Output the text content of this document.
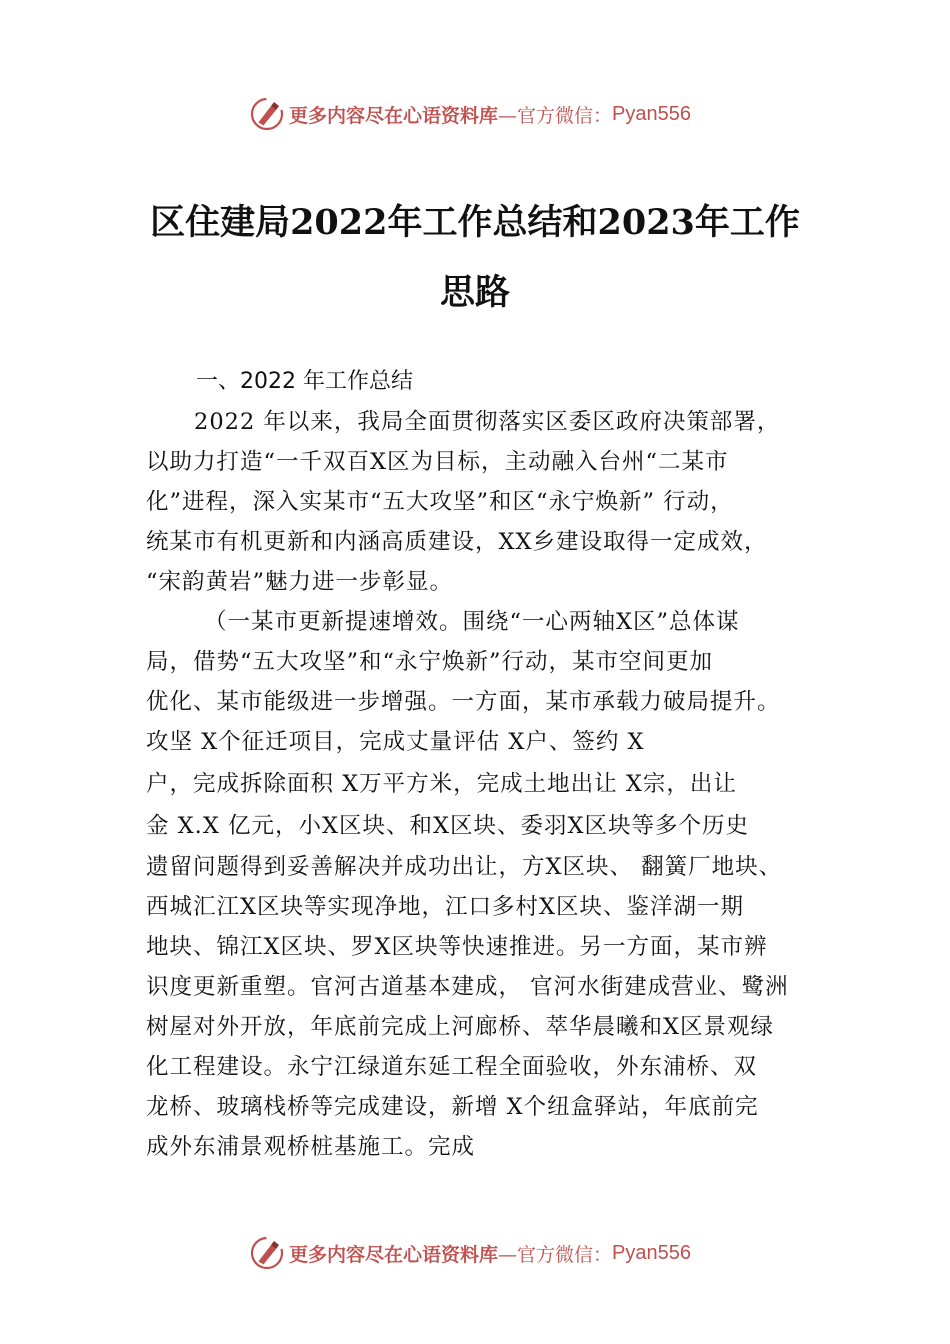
更多内容尽在心语资料库 —官方微信： Pyan556
区住建局2022年工作总结和2023年工作
思路
一、2022 年工作总结
2022 年以来，我局全面贯彻落实区委区政府决策部署，
以助力打造“一千双百X区为目标，主动融入台州“二某市
化”进程，深入实某市“五大攻坚”和区“永宁焕新” 行动，
统某市有机更新和内涵高质建设，XX乡建设取得一定成效，
“宋韵黄岩”魅力进一步彰显。
（一某市更新提速增效。围绕“一心两轴X区”总体谋
局，借势“五大攻坚”和“永宁焕新”行动，某市空间更加
优化、某市能级进一步增强。一方面，某市承载力破局提升。
攻坚 X个征迁项目，完成丈量评估 X户、签约 X
户，完成拆除面积 X万平方米，完成土地出让 X宗，出让
金 X.X 亿元，小X区块、和X区块、委羽X区块等多个历史
遗留问题得到妥善解决并成功出让，方X区块、 翻簧厂地块、
西城汇江X区块等实现净地，江口多村X区块、鉴洋湖一期
地块、锦江X区块、罗X区块等快速推进。另一方面，某市辨
识度更新重塑。官河古道基本建成， 官河水街建成营业、鹭洲
树屋对外开放，年底前完成上河廊桥、萃华晨曦和X区景观绿
化工程建设。永宁江绿道东延工程全面验收，外东浦桥、双
龙桥、玻璃栈桥等完成建设，新增 X个纽盒驿站，年底前完
成外东浦景观桥桩基施工。完成
更多内容尽在心语资料库 —官方微信： Pyan556
